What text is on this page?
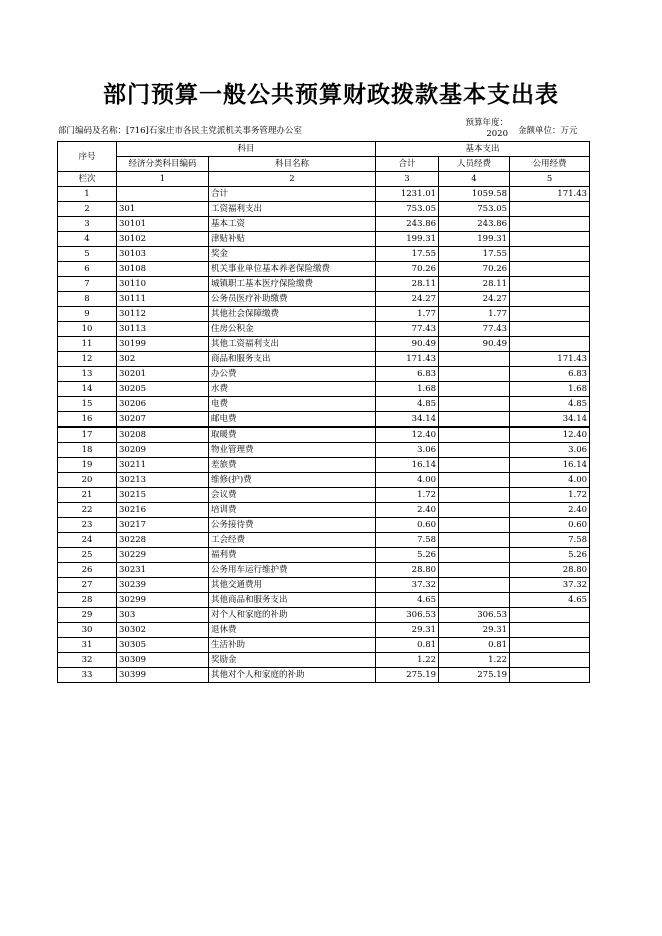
部门预算一般公共预算财政拨款基本支出表
部门编码及名称：[716]石家庄市各民主党派机关事务管理办公室
预算年度：
2020 金额单位：万元
序号	科目		基本支出		
	经济分类科目编码	科目名称	合计	人员经费	公用经费
栏次	1	2	3	4	5
1		合计	1231.01	1059.58	171.43
2	301	工资福利支出	753.05	753.05	
3	30101	基本工资	243.86	243.86	
4	30102	津贴补贴	199.31	199.31	
5	30103	奖金	17.55	17.55	
6	30108	机关事业单位基本养老保险缴费	70.26	70.26	
7	30110	城镇职工基本医疗保险缴费	28.11	28.11	
8	30111	公务员医疗补助缴费	24.27	24.27	
9	30112	其他社会保障缴费	1.77	1.77	
10	30113	住房公积金	77.43	77.43	
11	30199	其他工资福利支出	90.49	90.49	
12	302	商品和服务支出	171.43		171.43
13	30201	办公费	6.83		6.83
14	30205	水费	1.68		1.68
15	30206	电费	4.85		4.85
16	30207	邮电费	34.14		34.14
17	30208	取暖费	12.40		12.40
18	30209	物业管理费	3.06		3.06
19	30211	差旅费	16.14		16.14
20	30213	维修(护)费	4.00		4.00
21	30215	会议费	1.72		1.72
22	30216	培训费	2.40		2.40
23	30217	公务接待费	0.60		0.60
24	30228	工会经费	7.58		7.58
25	30229	福利费	5.26		5.26
26	30231	公务用车运行维护费	28.80		28.80
27	30239	其他交通费用	37.32		37.32
28	30299	其他商品和服务支出	4.65		4.65
29	303	对个人和家庭的补助	306.53	306.53	
30	30302	退休费	29.31	29.31	
31	30305	生活补助	0.81	0.81	
32	30309	奖励金	1.22	1.22	
33	30399	其他对个人和家庭的补助	275.19	275.19	
